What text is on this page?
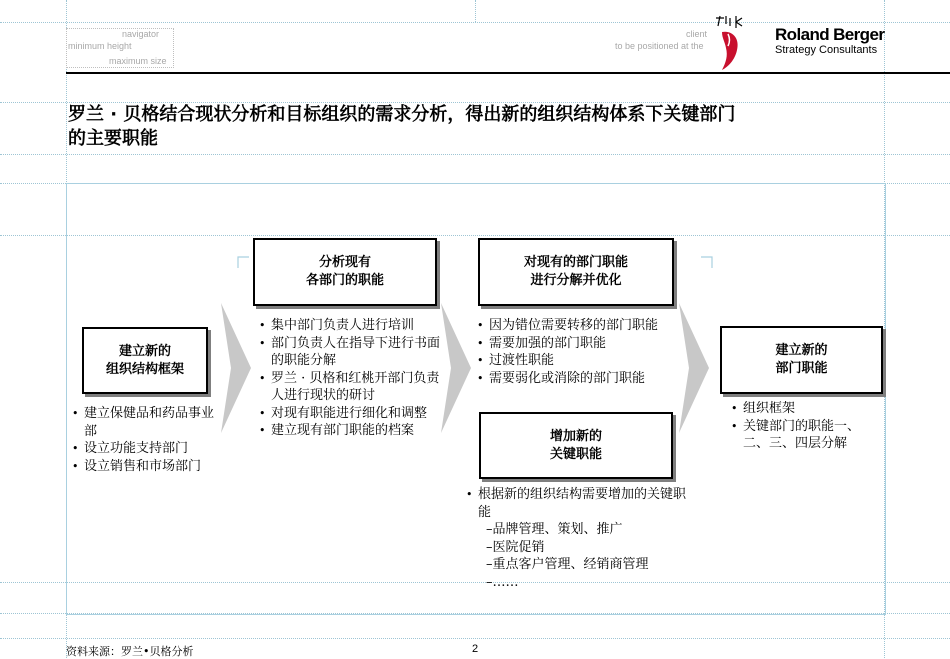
navigator
minimum height
maximum size
client
to be positioned at the
Roland Berger
Strategy Consultants
罗兰 · 贝格结合现状分析和目标组织的需求分析，得出新的组织结构体系下关键部门
的主要职能
建立新的
组织结构框架
• 建立保健品和药品事业部
• 设立功能支持部门
• 设立销售和市场部门
分析现有
各部门的职能
• 集中部门负责人进行培训
• 部门负责人在指导下进行书面的职能分解
• 罗兰 · 贝格和红桃开部门负责人进行现状的研讨
• 对现有职能进行细化和调整
• 建立现有部门职能的档案
对现有的部门职能
进行分解并优化
• 因为错位需要转移的部门职能
• 需要加强的部门职能
• 过渡性职能
• 需要弱化或消除的部门职能
增加新的
关键职能
• 根据新的组织结构需要增加的关键职能
–品牌管理、策划、推广
–医院促销
–重点客户管理、经销商管理
–……
建立新的
部门职能
• 组织框架
• 关键部门的职能一、二、三、四层分解
资料来源：罗兰•贝格分析	2
